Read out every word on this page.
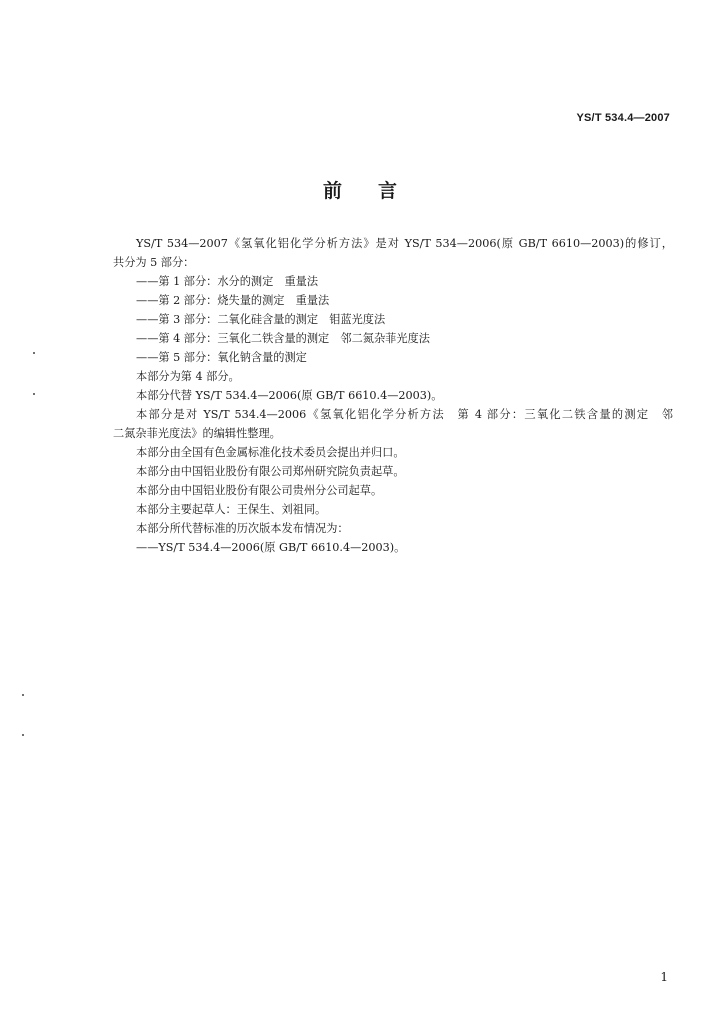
YS/T 534.4—2007
前言
YS/T 534—2007《氢氧化铝化学分析方法》是对 YS/T 534—2006(原 GB/T 6610—2003)的修订，
共分为 5 部分：
——第 1 部分：水分的测定　重量法
——第 2 部分：烧失量的测定　重量法
——第 3 部分：二氧化硅含量的测定　钼蓝光度法
——第 4 部分：三氧化二铁含量的测定　邻二氮杂菲光度法
——第 5 部分：氧化钠含量的测定
本部分为第 4 部分。
本部分代替 YS/T 534.4—2006(原 GB/T 6610.4—2003)。
本部分是对 YS/T 534.4—2006《氢氧化铝化学分析方法　第 4 部分：三氧化二铁含量的测定　邻
二氮杂菲光度法》的编辑性整理。
本部分由全国有色金属标准化技术委员会提出并归口。
本部分由中国铝业股份有限公司郑州研究院负责起草。
本部分由中国铝业股份有限公司贵州分公司起草。
本部分主要起草人：王保生、刘祖同。
本部分所代替标准的历次版本发布情况为：
——YS/T 534.4—2006(原 GB/T 6610.4—2003)。
1
